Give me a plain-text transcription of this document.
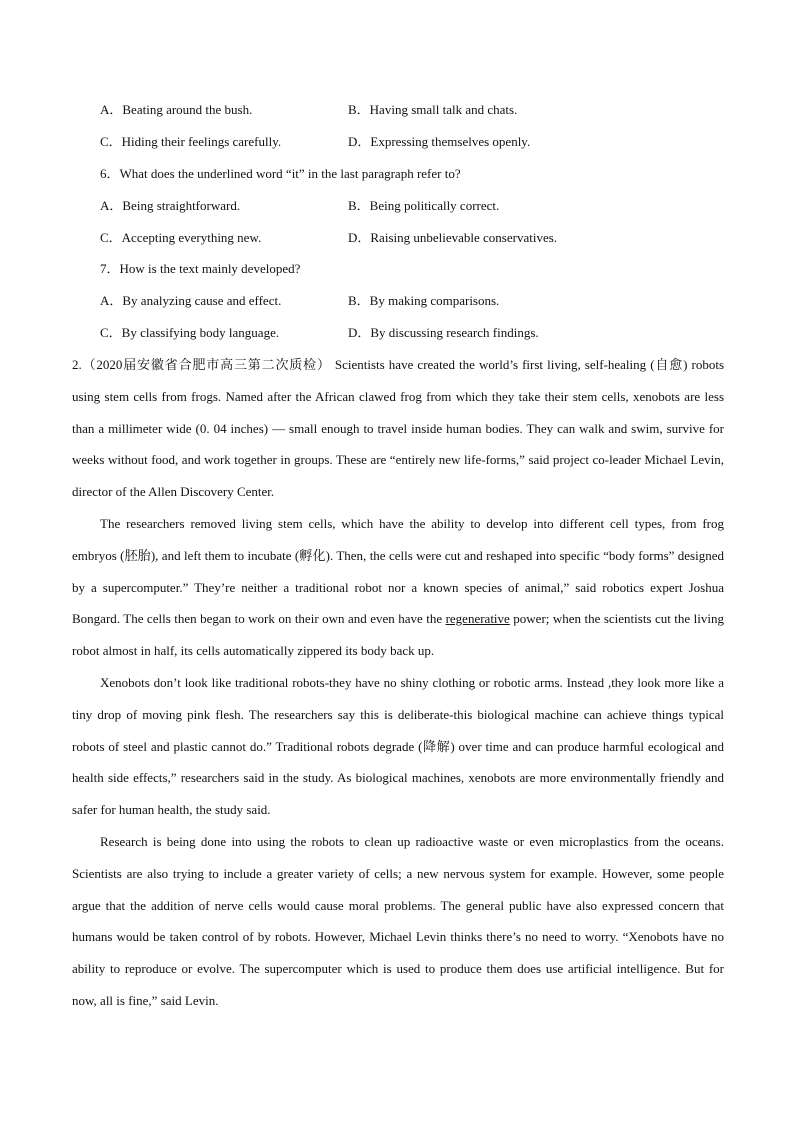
A．Beating around the bush.	B．Having small talk and chats.
C．Hiding their feelings carefully.	D．Expressing themselves openly.
6．What does the underlined word “it” in the last paragraph refer to?
A．Being straightforward.	B．Being politically correct.
C．Accepting everything new.	D．Raising unbelievable conservatives.
7．How is the text mainly developed?
A．By analyzing cause and effect.	B．By making comparisons.
C．By classifying body language.	D．By discussing research findings.

2.（2020届安徽省合肥市高三第二次质检） Scientists have created the world’s first living, self-healing (自愈) robots using stem cells from frogs. Named after the African clawed frog from which they take their stem cells, xenobots are less than a millimeter wide (0. 04 inches) — small enough to travel inside human bodies. They can walk and swim, survive for weeks without food, and work together in groups. These are “entirely new life-forms,” said project co-leader Michael Levin, director of the Allen Discovery Center.

The researchers removed living stem cells, which have the ability to develop into different cell types, from frog embryos (胚胎), and left them to incubate (孵化). Then, the cells were cut and reshaped into specific “body forms” designed by a supercomputer.” They’re neither a traditional robot nor a known species of animal,” said robotics expert Joshua Bongard. The cells then began to work on their own and even have the regenerative power; when the scientists cut the living robot almost in half, its cells automatically zippered its body back up.

Xenobots don’t look like traditional robots-they have no shiny clothing or robotic arms. Instead ,they look more like a tiny drop of moving pink flesh. The researchers say this is deliberate-this biological machine can achieve things typical robots of steel and plastic cannot do.” Traditional robots degrade (降解) over time and can produce harmful ecological and health side effects,” researchers said in the study. As biological machines, xenobots are more environmentally friendly and safer for human health, the study said.

Research is being done into using the robots to clean up radioactive waste or even microplastics from the oceans. Scientists are also trying to include a greater variety of cells; a new nervous system for example. However, some people argue that the addition of nerve cells would cause moral problems. The general public have also expressed concern that humans would be taken control of by robots. However, Michael Levin thinks there’s no need to worry. “Xenobots have no ability to reproduce or evolve. The supercomputer which is used to produce them does use artificial intelligence. But for now, all is fine,” said Levin.
